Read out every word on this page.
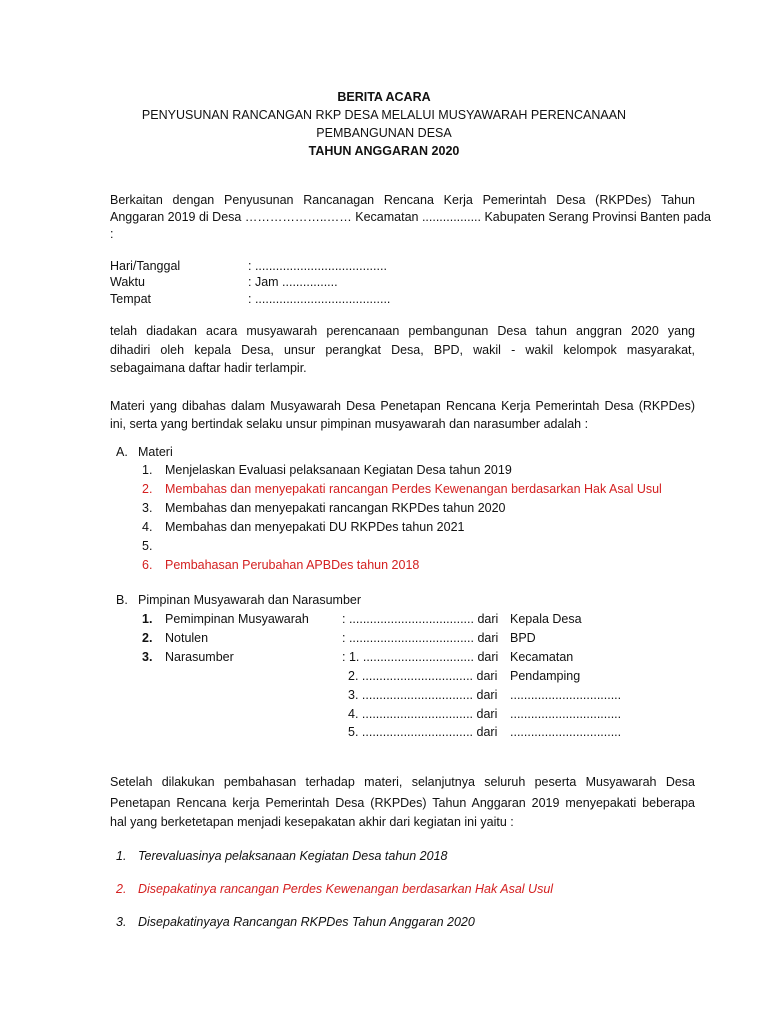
BERITA ACARA
PENYUSUNAN RANCANGAN RKP DESA MELALUI MUSYAWARAH PERENCANAAN
PEMBANGUNAN DESA
TAHUN ANGGARAN 2020
Berkaitan dengan Penyusunan Rancanagan Rencana Kerja Pemerintah Desa (RKPDes) Tahun
Anggaran 2019 di Desa ………………..…… Kecamatan ................. Kabupaten Serang Provinsi Banten pada
:
Hari/Tanggal	: ......................................
Waktu	: Jam ................
Tempat	: .......................................
telah diadakan acara musyawarah perencanaan pembangunan Desa tahun anggran 2020 yang
dihadiri oleh kepala Desa, unsur perangkat Desa, BPD, wakil - wakil kelompok masyarakat,
sebagaimana daftar hadir terlampir.
Materi yang dibahas dalam Musyawarah Desa Penetapan Rencana Kerja Pemerintah Desa (RKPDes)
ini, serta yang bertindak selaku unsur pimpinan musyawarah dan narasumber adalah :
A. Materi
1. Menjelaskan Evaluasi pelaksanaan Kegiatan Desa tahun 2019
2. Membahas dan menyepakati rancangan Perdes Kewenangan berdasarkan Hak Asal Usul
3. Membahas dan menyepakati rancangan RKPDes tahun 2020
4. Membahas dan menyepakati DU RKPDes tahun 2021
5.
6. Pembahasan Perubahan APBDes tahun 2018
B. Pimpinan Musyawarah dan Narasumber
1. Pemimpinan Musyawarah	: .................................... dari Kepala Desa
2. Notulen	: .................................... dari BPD
3. Narasumber	: 1. ................................ dari Kecamatan
2. ................................ dari Pendamping
3. ................................ dari ................................
4. ................................ dari ................................
5. ................................ dari ................................
Setelah dilakukan pembahasan terhadap materi, selanjutnya seluruh peserta Musyawarah Desa
Penetapan Rencana kerja Pemerintah Desa (RKPDes) Tahun Anggaran 2019 menyepakati beberapa
hal yang berketetapan menjadi kesepakatan akhir dari kegiatan ini yaitu :
1. Terevaluasinya pelaksanaan Kegiatan Desa tahun 2018
2. Disepakatinya rancangan Perdes Kewenangan berdasarkan Hak Asal Usul
3. Disepakatinyaya Rancangan RKPDes Tahun Anggaran 2020
